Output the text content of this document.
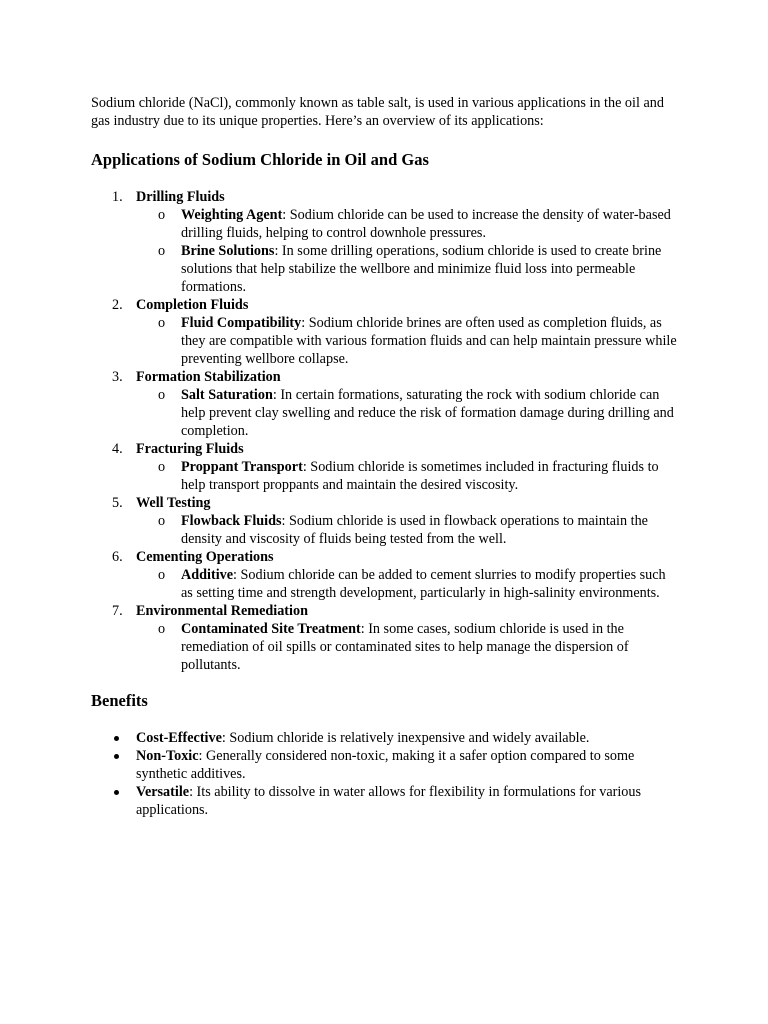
Sodium chloride (NaCl), commonly known as table salt, is used in various applications in the oil and gas industry due to its unique properties. Here’s an overview of its applications:

Applications of Sodium Chloride in Oil and Gas
1. Drilling Fluids
o Weighting Agent: Sodium chloride can be used to increase the density of water-based drilling fluids, helping to control downhole pressures.
o Brine Solutions: In some drilling operations, sodium chloride is used to create brine solutions that help stabilize the wellbore and minimize fluid loss into permeable formations.
2. Completion Fluids
o Fluid Compatibility: Sodium chloride brines are often used as completion fluids, as they are compatible with various formation fluids and can help maintain pressure while preventing wellbore collapse.
3. Formation Stabilization
o Salt Saturation: In certain formations, saturating the rock with sodium chloride can help prevent clay swelling and reduce the risk of formation damage during drilling and completion.
4. Fracturing Fluids
o Proppant Transport: Sodium chloride is sometimes included in fracturing fluids to help transport proppants and maintain the desired viscosity.
5. Well Testing
o Flowback Fluids: Sodium chloride is used in flowback operations to maintain the density and viscosity of fluids being tested from the well.
6. Cementing Operations
o Additive: Sodium chloride can be added to cement slurries to modify properties such as setting time and strength development, particularly in high-salinity environments.
7. Environmental Remediation
o Contaminated Site Treatment: In some cases, sodium chloride is used in the remediation of oil spills or contaminated sites to help manage the dispersion of pollutants.
Benefits
Cost-Effective: Sodium chloride is relatively inexpensive and widely available.
Non-Toxic: Generally considered non-toxic, making it a safer option compared to some synthetic additives.
Versatile: Its ability to dissolve in water allows for flexibility in formulations for various applications.
